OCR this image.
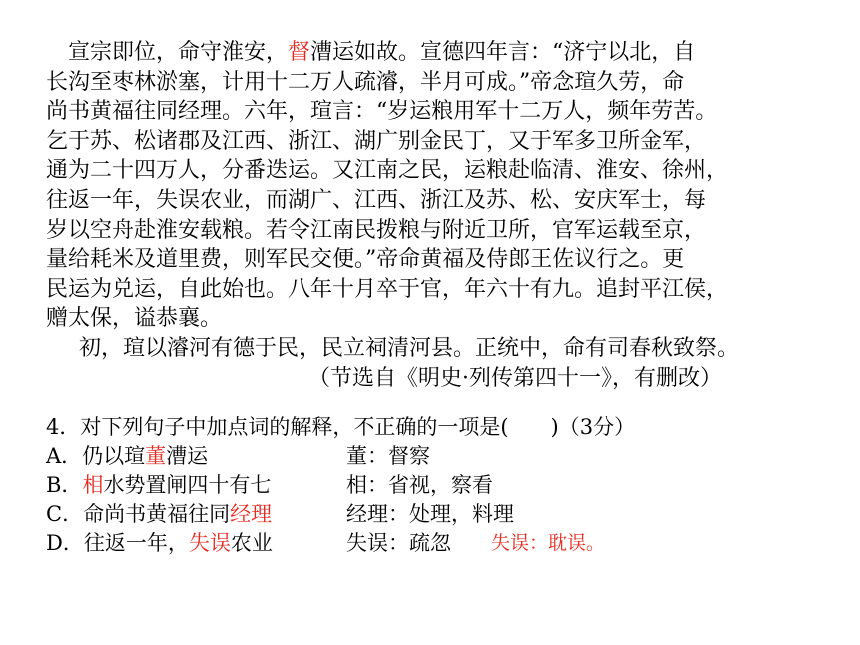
宣宗即位，命守淮安，督漕运如故。宣德四年言：“济宁以北，自
长沟至枣林淤塞，计用十二万人疏濬，半月可成。”帝念瑄久劳，命
尚书黄福往同经理。六年，瑄言：“岁运粮用军十二万人，频年劳苦。
乞于苏、松诸郡及江西、浙江、湖广别金民丁，又于军多卫所金军，
通为二十四万人，分番迭运。又江南之民，运粮赴临清、淮安、徐州，
往返一年，失误农业，而湖广、江西、浙江及苏、松、安庆军士，每
岁以空舟赴淮安载粮。若令江南民拨粮与附近卫所，官军运载至京，
量给耗米及道里费，则军民交便。”帝命黄福及侍郎王佐议行之。更
民运为兑运，自此始也。八年十月卒于官，年六十有九。追封平江侯，
赠太保，谥恭襄。
初，瑄以濬河有德于民，民立祠清河县。正统中，命有司春秋致祭。
（节选自《明史·列传第四十一》，有删改）
4．对下列句子中加点词的解释，不正确的一项是(　　)（3分）
A．仍以瑄董漕运	董：督察
B．相水势置闸四十有七	相：省视，察看
C．命尚书黄福往同经理	经理：处理，料理
D．往返一年，失误农业	失误：疏忽 失误：耽误。
